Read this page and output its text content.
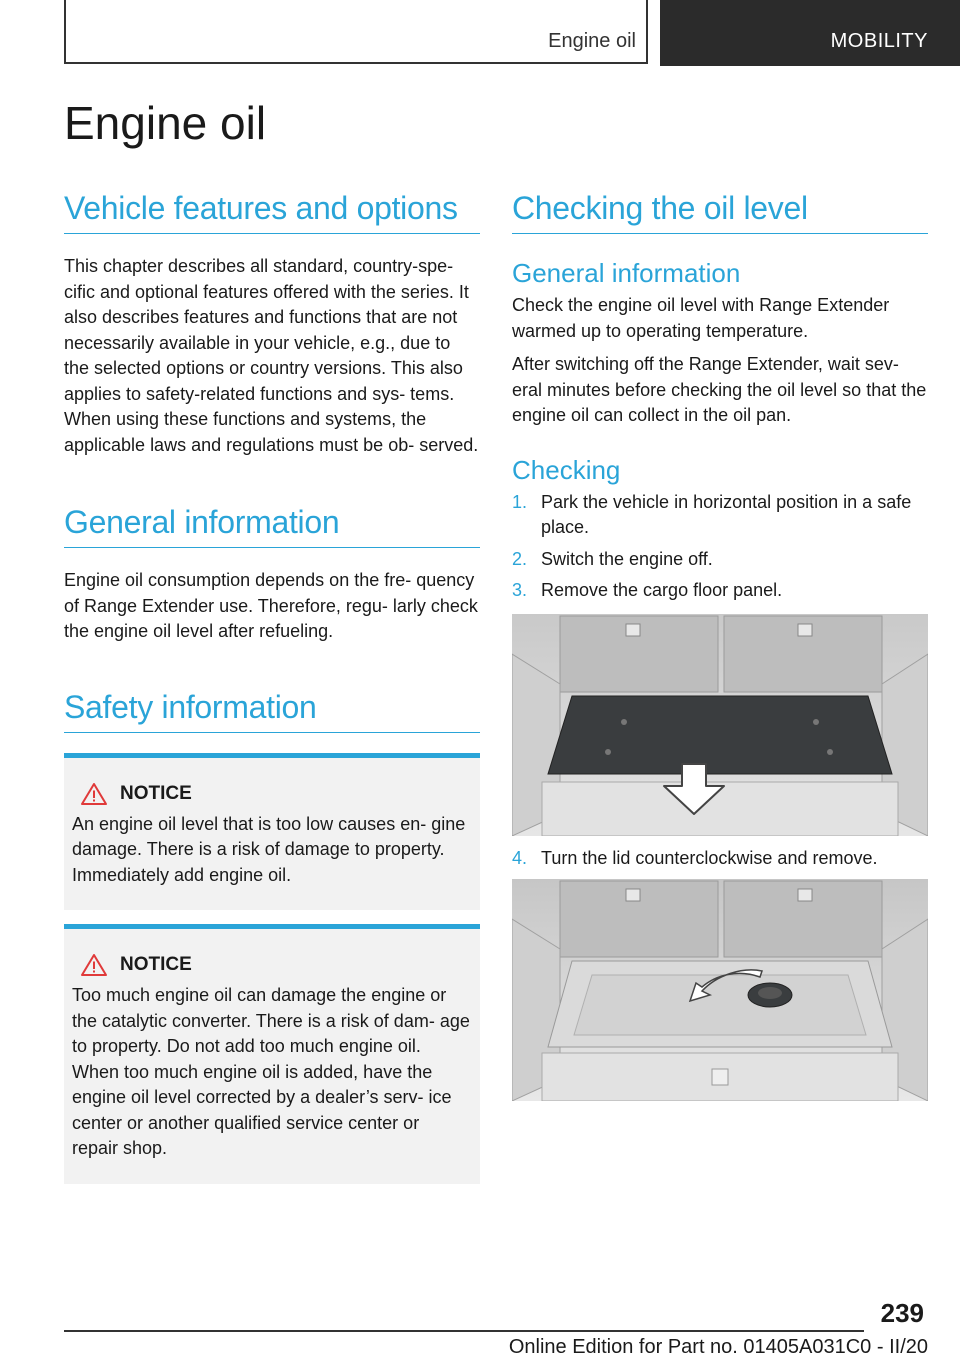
Engine oil	MOBILITY
Engine oil
Vehicle features and options

This chapter describes all standard, country-spe- cific and optional features offered with the series. It also describes features and functions that are not necessarily available in your vehicle, e.g., due to the selected options or country versions. This also applies to safety-related functions and sys- tems. When using these functions and systems, the applicable laws and regulations must be ob- served.

General information

Engine oil consumption depends on the fre- quency of Range Extender use. Therefore, regu- larly check the engine oil level after refueling.

Safety information
NOTICE

An engine oil level that is too low causes en- gine damage. There is a risk of damage to property. Immediately add engine oil.

NOTICE

Too much engine oil can damage the engine or the catalytic converter. There is a risk of dam- age to property. Do not add too much engine oil. When too much engine oil is added, have the engine oil level corrected by a dealer’s serv- ice center or another qualified service center or repair shop.

Checking the oil level
General information

Check the engine oil level with Range Extender warmed up to operating temperature.

After switching off the Range Extender, wait sev- eral minutes before checking the oil level so that the engine oil can collect in the oil pan.

Checking
1. Park the vehicle in horizontal position in a safe place.
2. Switch the engine off.
3. Remove the cargo floor panel.
4. Turn the lid counterclockwise and remove.
239
Online Edition for Part no. 01405A031C0 - II/20
